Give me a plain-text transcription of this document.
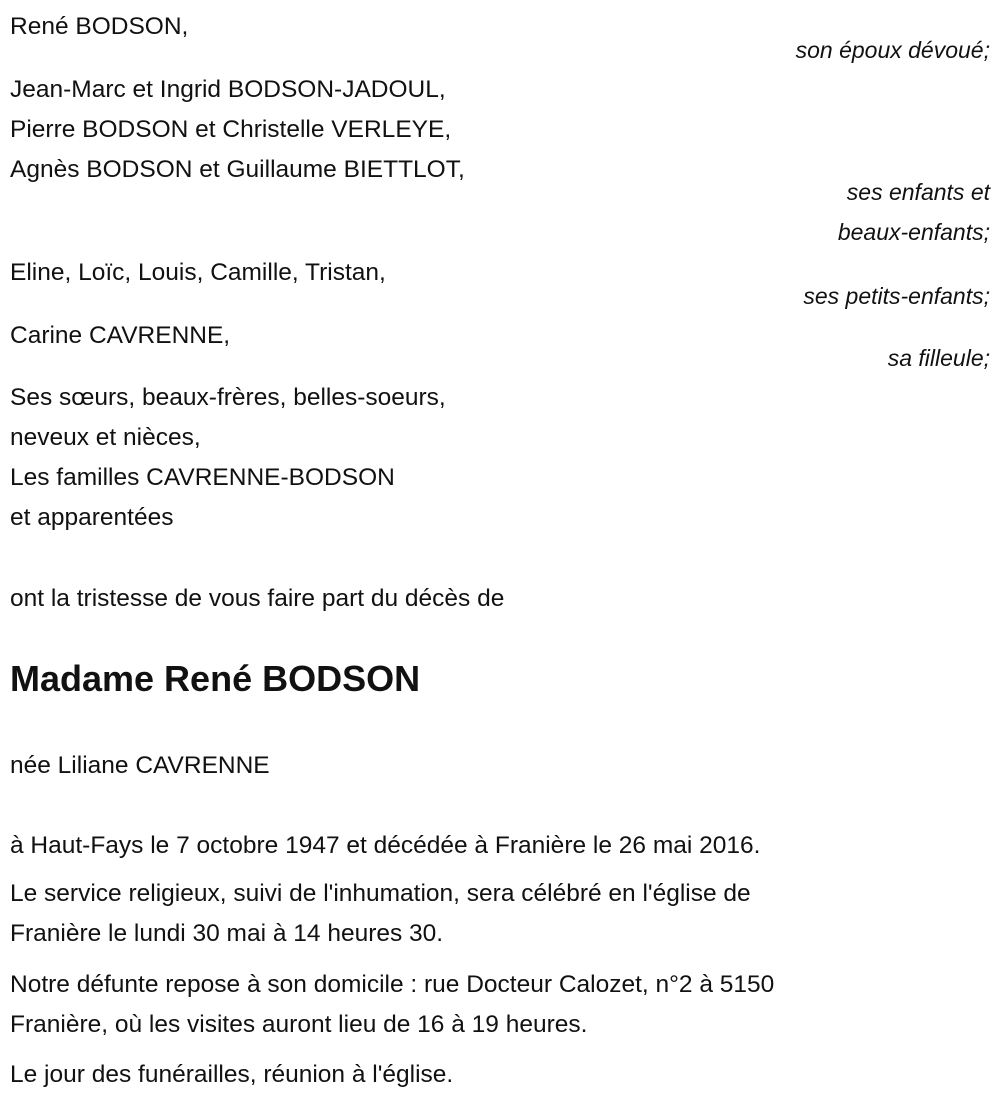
René BODSON,
son époux dévoué;
Jean-Marc et Ingrid BODSON-JADOUL,
Pierre BODSON et Christelle VERLEYE,
Agnès BODSON et Guillaume BIETTLOT,
ses enfants et
beaux-enfants;
Eline, Loïc, Louis, Camille, Tristan,
ses petits-enfants;
Carine CAVRENNE,
sa filleule;
Ses sœurs, beaux-frères, belles-soeurs,
neveux et nièces,
Les familles CAVRENNE-BODSON
et apparentées
ont la tristesse de vous faire part du décès de
Madame René BODSON
née Liliane CAVRENNE
à Haut-Fays le 7 octobre 1947 et décédée à Franière le 26 mai 2016.
Le service religieux, suivi de l'inhumation, sera célébré en l'église de
Franière le lundi 30 mai à 14 heures 30.
Notre défunte repose à son domicile : rue Docteur Calozet, n°2 à 5150
Franière, où les visites auront lieu de 16 à 19 heures.
Le jour des funérailles, réunion à l'église.
